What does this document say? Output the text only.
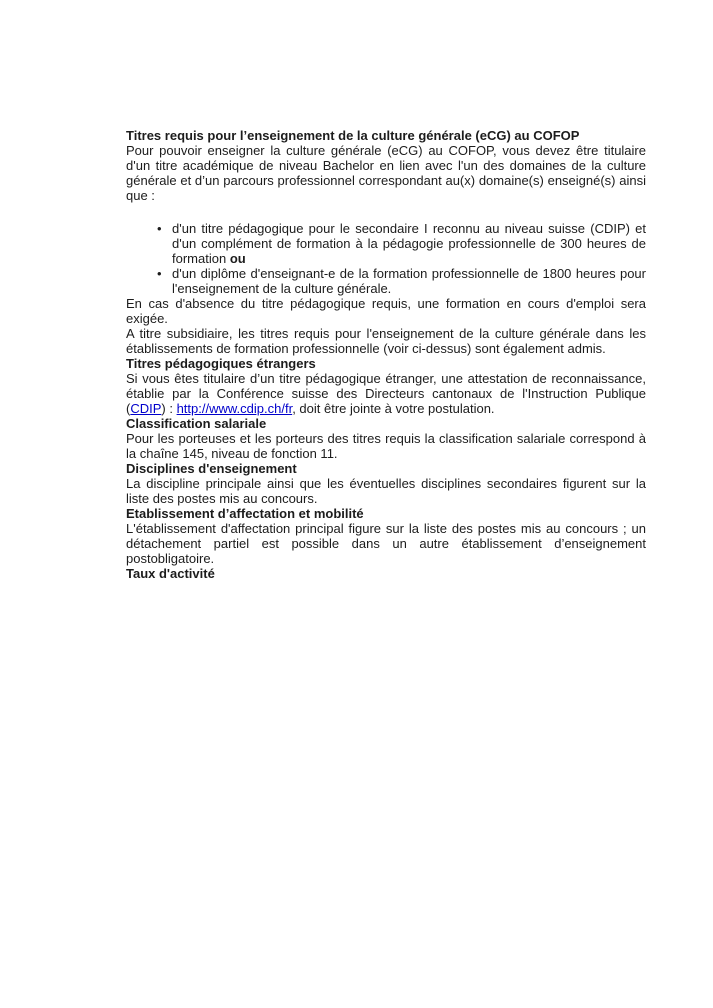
Titres requis pour l’enseignement de la culture générale (eCG) au COFOP

Pour pouvoir enseigner la culture générale (eCG) au COFOP, vous devez être titulaire d'un titre académique de niveau Bachelor en lien avec l'un des domaines de la culture générale et d’un parcours professionnel correspondant au(x) domaine(s) enseigné(s) ainsi que :

• d'un titre pédagogique pour le secondaire I reconnu au niveau suisse (CDIP) et d'un complément de formation à la pédagogie professionnelle de 300 heures de formation ou
• d'un diplôme d'enseignant-e de la formation professionnelle de 1800 heures pour l'enseignement de la culture générale.

En cas d'absence du titre pédagogique requis, une formation en cours d'emploi sera exigée.

A titre subsidiaire, les titres requis pour l'enseignement de la culture générale dans les établissements de formation professionnelle (voir ci-dessus) sont également admis.

Titres pédagogiques étrangers

Si vous êtes titulaire d’un titre pédagogique étranger, une attestation de reconnaissance, établie par la Conférence suisse des Directeurs cantonaux de l'Instruction Publique (CDIP) : http://www.cdip.ch/fr, doit être jointe à votre postulation.

Classification salariale

Pour les porteuses et les porteurs des titres requis la classification salariale correspond à la chaîne 145, niveau de fonction 11.

Disciplines d'enseignement

La discipline principale ainsi que les éventuelles disciplines secondaires figurent sur la liste des postes mis au concours.

Etablissement d’affectation et mobilité

L'établissement d'affectation principal figure sur la liste des postes mis au concours ; un détachement partiel est possible dans un autre établissement d’enseignement postobligatoire.

Taux d'activité
